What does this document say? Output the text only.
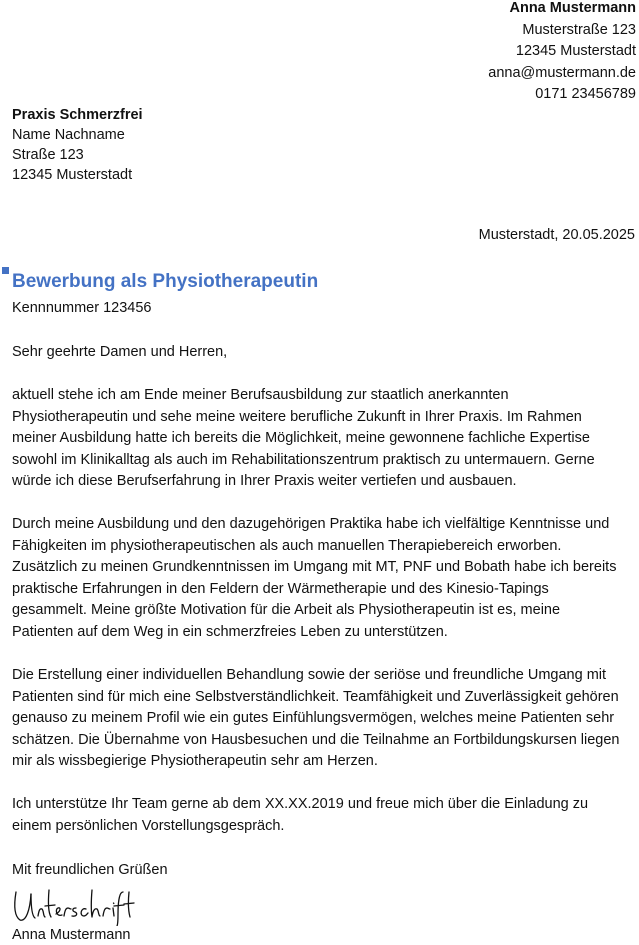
Anna Mustermann
Musterstraße 123
12345 Musterstadt
anna@mustermann.de
0171 23456789
Praxis Schmerzfrei
Name Nachname
Straße 123
12345 Musterstadt
Musterstadt, 20.05.2025
Bewerbung als Physiotherapeutin
Kennnummer 123456
Sehr geehrte Damen und Herren,
aktuell stehe ich am Ende meiner Berufsausbildung zur staatlich anerkannten
Physiotherapeutin und sehe meine weitere berufliche Zukunft in Ihrer Praxis. Im Rahmen
meiner Ausbildung hatte ich bereits die Möglichkeit, meine gewonnene fachliche Expertise
sowohl im Klinikalltag als auch im Rehabilitationszentrum praktisch zu untermauern. Gerne
würde ich diese Berufserfahrung in Ihrer Praxis weiter vertiefen und ausbauen.
Durch meine Ausbildung und den dazugehörigen Praktika habe ich vielfältige Kenntnisse und
Fähigkeiten im physiotherapeutischen als auch manuellen Therapiebereich erworben.
Zusätzlich zu meinen Grundkenntnissen im Umgang mit MT, PNF und Bobath habe ich bereits
praktische Erfahrungen in den Feldern der Wärmetherapie und des Kinesio-Tapings
gesammelt. Meine größte Motivation für die Arbeit als Physiotherapeutin ist es, meine
Patienten auf dem Weg in ein schmerzfreies Leben zu unterstützen.
Die Erstellung einer individuellen Behandlung sowie der seriöse und freundliche Umgang mit
Patienten sind für mich eine Selbstverständlichkeit. Teamfähigkeit und Zuverlässigkeit gehören
genauso zu meinem Profil wie ein gutes Einfühlungsvermögen, welches meine Patienten sehr
schätzen. Die Übernahme von Hausbesuchen und die Teilnahme an Fortbildungskursen liegen
mir als wissbegierige Physiotherapeutin sehr am Herzen.
Ich unterstütze Ihr Team gerne ab dem XX.XX.2019 und freue mich über die Einladung zu
einem persönlichen Vorstellungsgespräch.
Mit freundlichen Grüßen
Anna Mustermann
